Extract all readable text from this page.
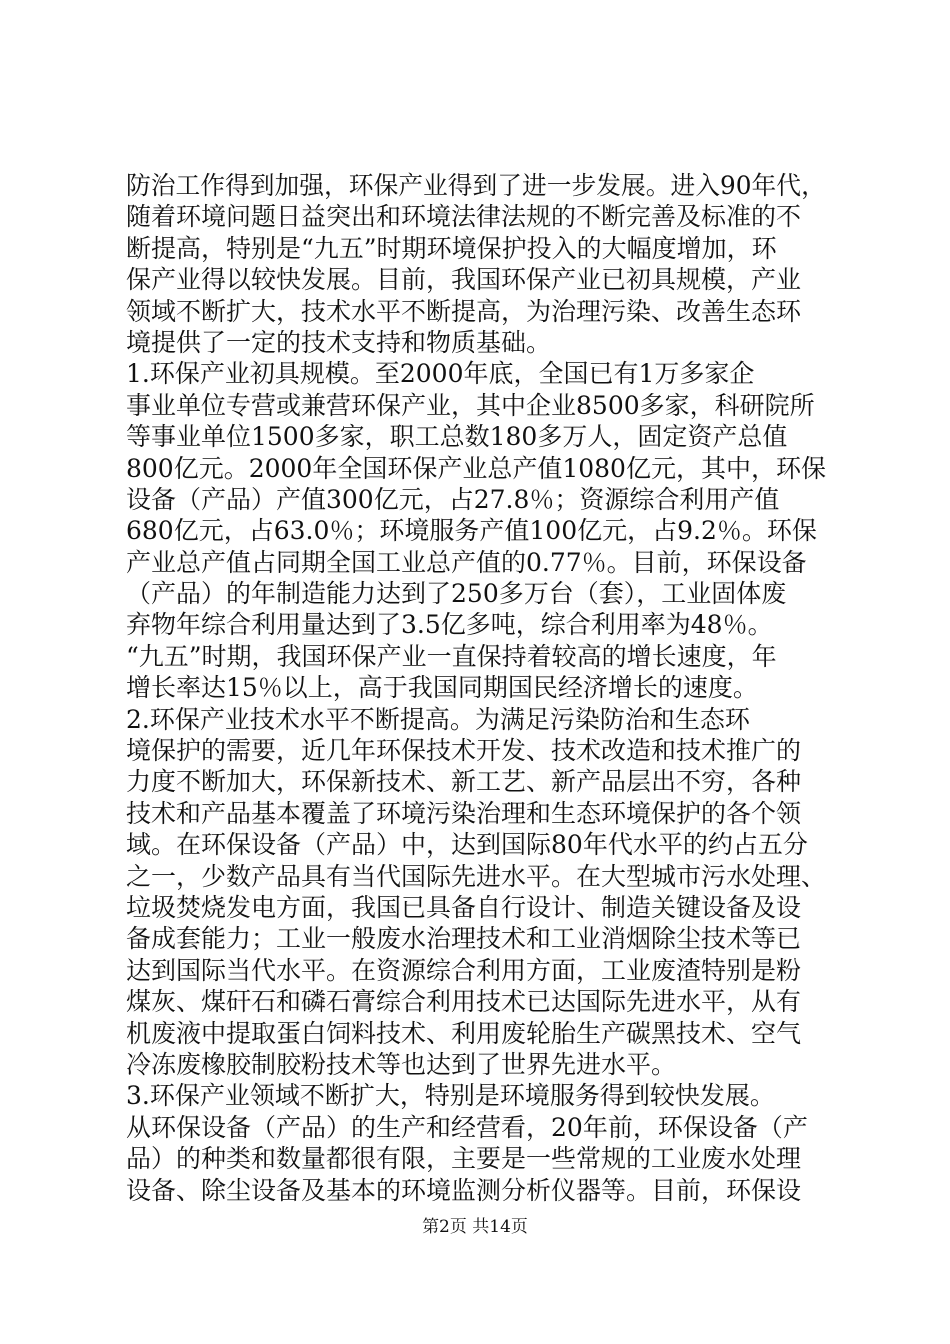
防治工作得到加强，环保产业得到了进一步发展。进入90年代，
随着环境问题日益突出和环境法律法规的不断完善及标准的不
断提高，特别是“九五”时期环境保护投入的大幅度增加，环
保产业得以较快发展。目前，我国环保产业已初具规模，产业
领域不断扩大，技术水平不断提高，为治理污染、改善生态环
境提供了一定的技术支持和物质基础。
1.环保产业初具规模。至2000年底，全国已有1万多家企
事业单位专营或兼营环保产业，其中企业8500多家，科研院所
等事业单位1500多家，职工总数180多万人，固定资产总值
800亿元。2000年全国环保产业总产值1080亿元，其中，环保
设备（产品）产值300亿元，占27.8％；资源综合利用产值
680亿元，占63.0％；环境服务产值100亿元，占9.2％。环保
产业总产值占同期全国工业总产值的0.77％。目前，环保设备
（产品）的年制造能力达到了250多万台（套），工业固体废
弃物年综合利用量达到了3.5亿多吨，综合利用率为48％。
“九五”时期，我国环保产业一直保持着较高的增长速度，年
增长率达15％以上，高于我国同期国民经济增长的速度。
2.环保产业技术水平不断提高。为满足污染防治和生态环
境保护的需要，近几年环保技术开发、技术改造和技术推广的
力度不断加大，环保新技术、新工艺、新产品层出不穷，各种
技术和产品基本覆盖了环境污染治理和生态环境保护的各个领
域。在环保设备（产品）中，达到国际80年代水平的约占五分
之一，少数产品具有当代国际先进水平。在大型城市污水处理、
垃圾焚烧发电方面，我国已具备自行设计、制造关键设备及设
备成套能力；工业一般废水治理技术和工业消烟除尘技术等已
达到国际当代水平。在资源综合利用方面，工业废渣特别是粉
煤灰、煤矸石和磷石膏综合利用技术已达国际先进水平，从有
机废液中提取蛋白饲料技术、利用废轮胎生产碳黑技术、空气
冷冻废橡胶制胶粉技术等也达到了世界先进水平。
3.环保产业领域不断扩大，特别是环境服务得到较快发展。
从环保设备（产品）的生产和经营看，20年前，环保设备（产
品）的种类和数量都很有限，主要是一些常规的工业废水处理
设备、除尘设备及基本的环境监测分析仪器等。目前，环保设
第2页 共14页
